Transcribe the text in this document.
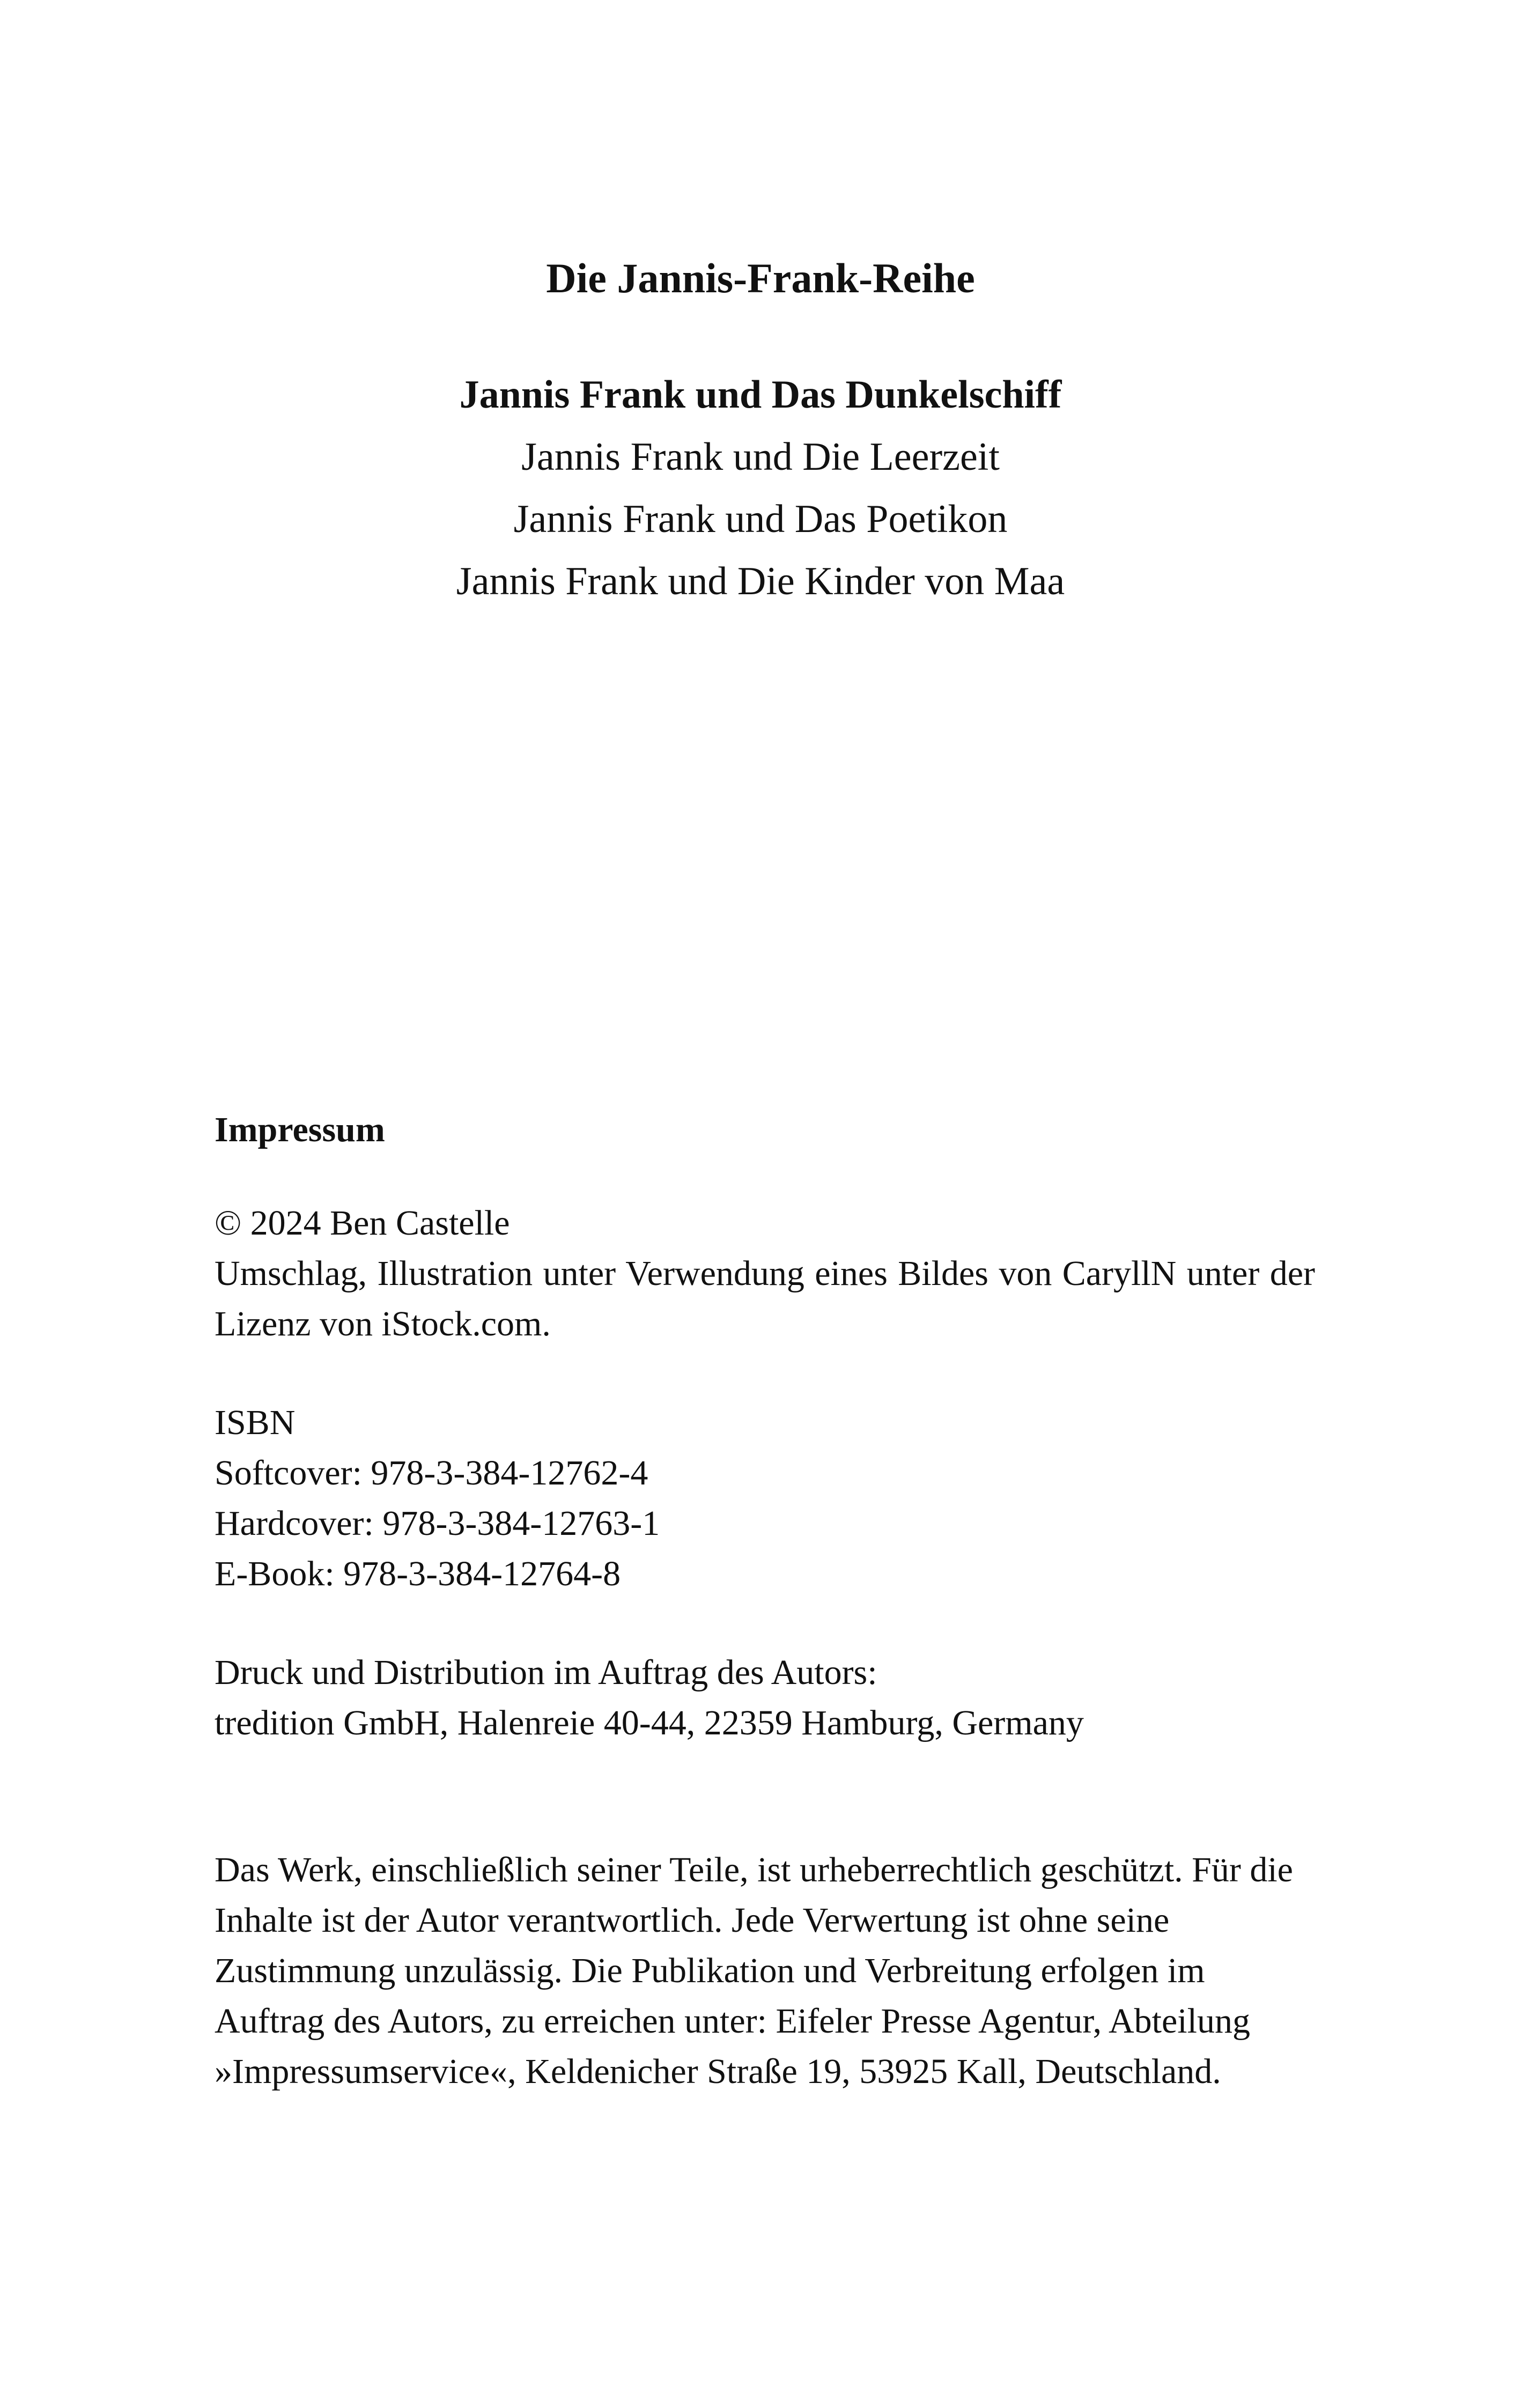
Die Jannis-Frank-Reihe
Jannis Frank und Das Dunkelschiff
Jannis Frank und Die Leerzeit
Jannis Frank und Das Poetikon
Jannis Frank und Die Kinder von Maa
Impressum

© 2024 Ben Castelle

Umschlag, Illustration unter Verwendung eines Bildes von CaryllN unter der Lizenz von iStock.com.

ISBN
Softcover: 978-3-384-12762-4
Hardcover: 978-3-384-12763-1
E-Book: 978-3-384-12764-8
Druck und Distribution im Auftrag des Autors:
tredition GmbH, Halenreie 40-44, 22359 Hamburg, Germany

Das Werk, einschließlich seiner Teile, ist urheberrechtlich geschützt. Für die Inhalte ist der Autor verantwortlich. Jede Verwertung ist ohne seine Zustimmung unzulässig. Die Publikation und Verbreitung erfolgen im Auftrag des Autors, zu erreichen unter: Eifeler Presse Agentur, Abteilung »Impressumservice«, Keldenicher Straße 19, 53925 Kall, Deutschland.
